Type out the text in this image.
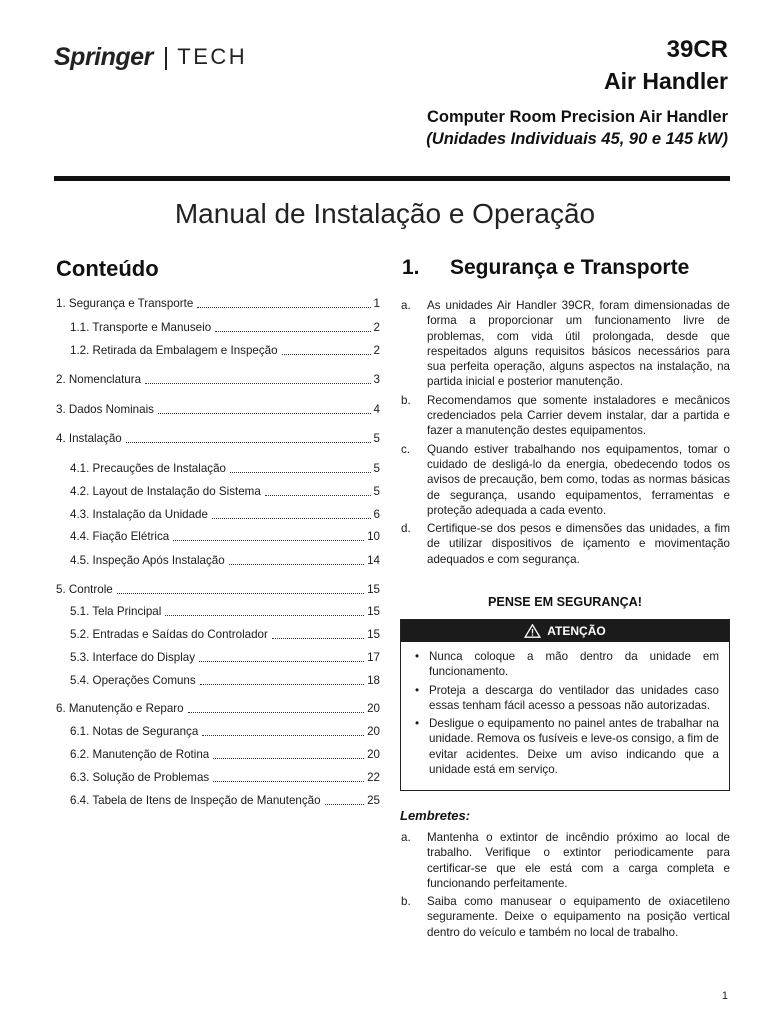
Springer | TECH	39CR
Air Handler
Computer Room Precision Air Handler
(Unidades Individuais 45, 90 e 145 kW)
Manual de Instalação e Operação
Conteúdo
1. Segurança e Transporte	1
1.1. Transporte e Manuseio	2
1.2. Retirada da Embalagem e Inspeção	2
2. Nomenclatura	3
3. Dados Nominais	4
4. Instalação	5
4.1. Precauções de Instalação	5
4.2. Layout de Instalação do Sistema	5
4.3. Instalação da Unidade	6
4.4. Fiação Elétrica	10
4.5. Inspeção Após Instalação	14
5. Controle	15
5.1. Tela Principal	15
5.2. Entradas e Saídas do Controlador	15
5.3. Interface do Display	17
5.4. Operações Comuns	18
6. Manutenção e Reparo	20
6.1. Notas de Segurança	20
6.2. Manutenção de Rotina	20
6.3. Solução de Problemas	22
6.4. Tabela de Itens de Inspeção de Manutenção	25
1.	Segurança e Transporte
a. As unidades Air Handler 39CR, foram dimensionadas de forma a proporcionar um funcionamento livre de problemas, com vida útil prolongada, desde que respeitados alguns requisitos básicos necessários para sua perfeita operação, alguns aspectos na instalação, na partida inicial e posterior manutenção.
b. Recomendamos que somente instaladores e mecânicos credenciados pela Carrier devem instalar, dar a partida e fazer a manutenção destes equipamentos.
c. Quando estiver trabalhando nos equipamentos, tomar o cuidado de desligá-lo da energia, obedecendo todos os avisos de precaução, bem como, todas as normas básicas de segurança, usando equipamentos, ferramentas e proteção adequada a cada evento.
d. Certifique-se dos pesos e dimensões das unidades, a fim de utilizar dispositivos de içamento e movimentação adequados e com segurança.
PENSE EM SEGURANÇA!
ATENÇÃO
• Nunca coloque a mão dentro da unidade em funcionamento.
• Proteja a descarga do ventilador das unidades caso essas tenham fácil acesso a pessoas não autorizadas.
• Desligue o equipamento no painel antes de trabalhar na unidade. Remova os fusíveis e leve-os consigo, a fim de evitar acidentes. Deixe um aviso indicando que a unidade está em serviço.
Lembretes:
a. Mantenha o extintor de incêndio próximo ao local de trabalho. Verifique o extintor periodicamente para certificar-se que ele está com a carga completa e funcionando perfeitamente.
b. Saiba como manusear o equipamento de oxiacetileno seguramente. Deixe o equipamento na posição vertical dentro do veículo e também no local de trabalho.
1
